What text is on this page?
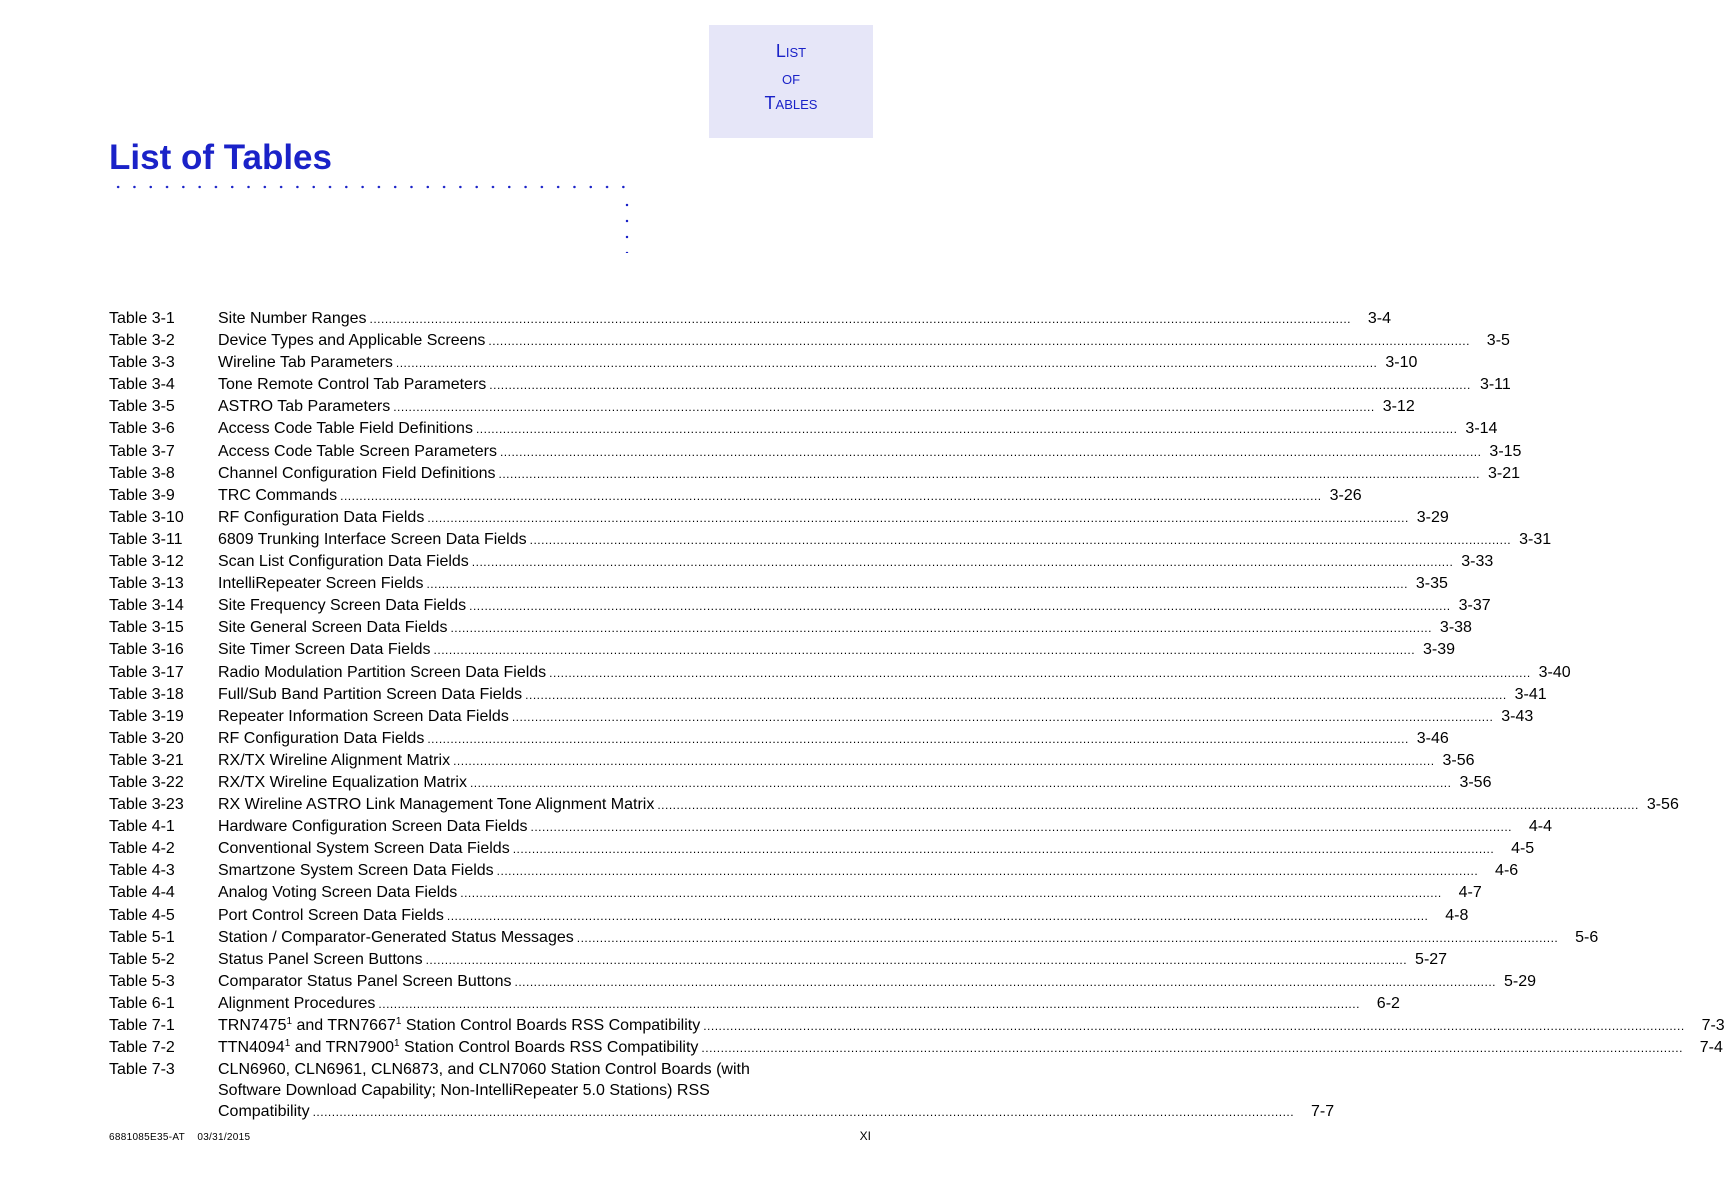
List
of
Tables
List of Tables
Table 3-1	Site Number Ranges .....	3-4
Table 3-2	Device Types and Applicable Screens .....	3-5
Table 3-3	Wireline Tab Parameters .....	3-10
Table 3-4	Tone Remote Control Tab Parameters .....	3-11
Table 3-5	ASTRO Tab Parameters .....	3-12
Table 3-6	Access Code Table Field Definitions .....	3-14
Table 3-7	Access Code Table Screen Parameters .....	3-15
Table 3-8	Channel Configuration Field Definitions .....	3-21
Table 3-9	TRC Commands .....	3-26
Table 3-10	RF Configuration Data Fields .....	3-29
Table 3-11	6809 Trunking Interface Screen Data Fields .....	3-31
Table 3-12	Scan List Configuration Data Fields .....	3-33
Table 3-13	IntelliRepeater Screen Fields .....	3-35
Table 3-14	Site Frequency Screen Data Fields .....	3-37
Table 3-15	Site General Screen Data Fields .....	3-38
Table 3-16	Site Timer Screen Data Fields .....	3-39
Table 3-17	Radio Modulation Partition Screen Data Fields .....	3-40
Table 3-18	Full/Sub Band Partition Screen Data Fields .....	3-41
Table 3-19	Repeater Information Screen Data Fields .....	3-43
Table 3-20	RF Configuration Data Fields .....	3-46
Table 3-21	RX/TX Wireline Alignment Matrix .....	3-56
Table 3-22	RX/TX Wireline Equalization Matrix .....	3-56
Table 3-23	RX Wireline ASTRO Link Management Tone Alignment Matrix .....	3-56
Table 4-1	Hardware Configuration Screen Data Fields .....	4-4
Table 4-2	Conventional System Screen Data Fields .....	4-5
Table 4-3	Smartzone System Screen Data Fields .....	4-6
Table 4-4	Analog Voting Screen Data Fields .....	4-7
Table 4-5	Port Control Screen Data Fields .....	4-8
Table 5-1	Station / Comparator-Generated Status Messages .....	5-6
Table 5-2	Status Panel Screen Buttons .....	5-27
Table 5-3	Comparator Status Panel Screen Buttons .....	5-29
Table 6-1	Alignment Procedures .....	6-2
Table 7-1	TRN7475$^1$ and TRN7667$^1$ Station Control Boards RSS Compatibility .....	7-3
Table 7-2	TTN4094$^1$ and TRN7900$^1$ Station Control Boards RSS Compatibility .....	7-4
Table 7-3	CLN6960, CLN6961, CLN6873, and CLN7060 Station Control Boards (with
Software Download Capability; Non-IntelliRepeater 5.0 Stations) RSS
Compatibility .....	7-7
6881085E35-AT 03/31/2015	XI
